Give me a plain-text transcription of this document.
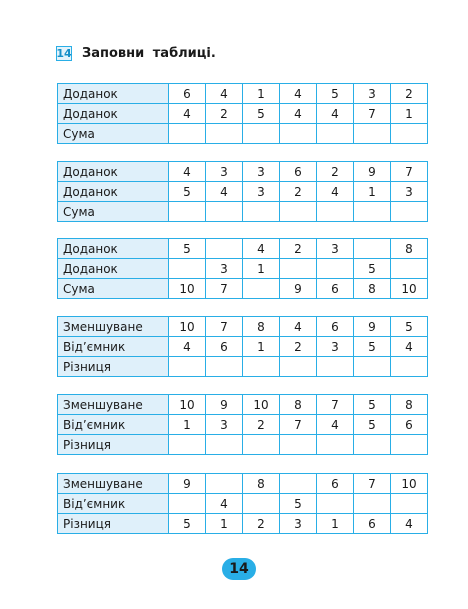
14 Заповни таблиці.
Доданок	6	4	1	4	5	3	2
Доданок	4	2	5	4	4	7	1
Сума							
Доданок	4	3	3	6	2	9	7
Доданок	5	4	3	2	4	1	3
Сума							
Доданок	5		4	2	3		8
Доданок		3	1			5	
Сума	10	7		9	6	8	10
Зменшуване	10	7	8	4	6	9	5
Від’ємник	4	6	1	2	3	5	4
Різниця							
Зменшуване	10	9	10	8	7	5	8
Від’ємник	1	3	2	7	4	5	6
Різниця							
Зменшуване	9		8		6	7	10
Від’ємник		4		5			
Різниця	5	1	2	3	1	6	4
14
